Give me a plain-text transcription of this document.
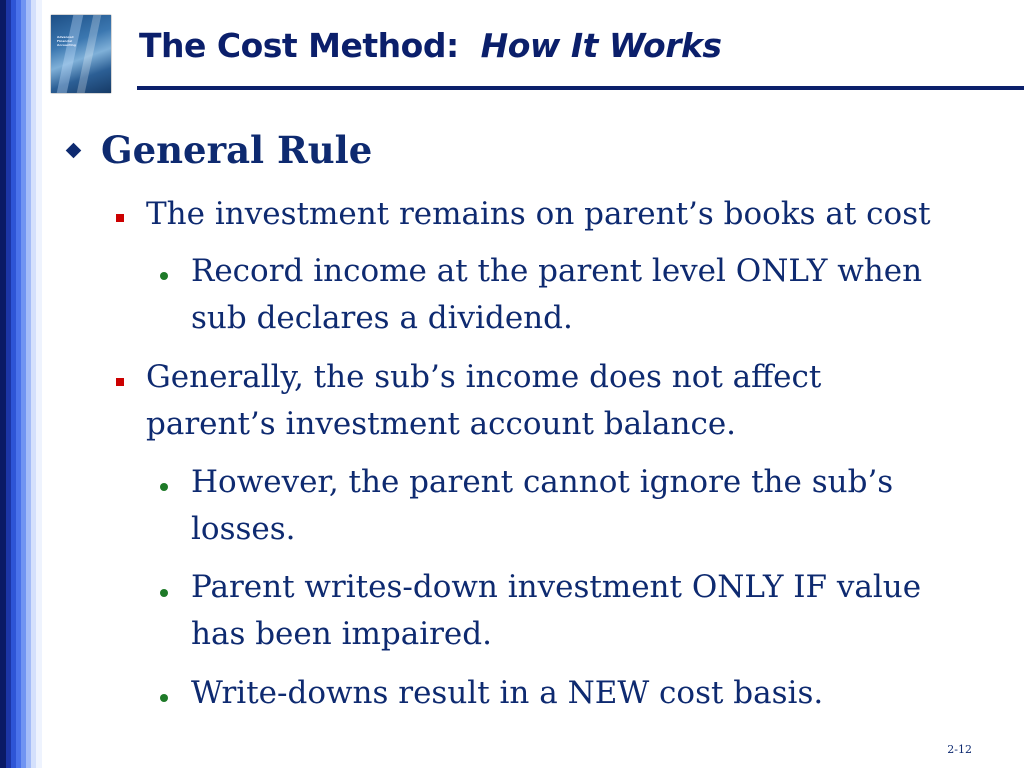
Advanced
Financial
Accounting The Cost Method: How It Works
General Rule
The investment remains on parent’s books at cost
Record income at the parent level ONLY when
sub declares a dividend.
Generally, the sub’s income does not affect
parent’s investment account balance.
However, the parent cannot ignore the sub’s
losses.
Parent writes-down investment ONLY IF value
has been impaired.
Write-downs result in a NEW cost basis.
2-12
